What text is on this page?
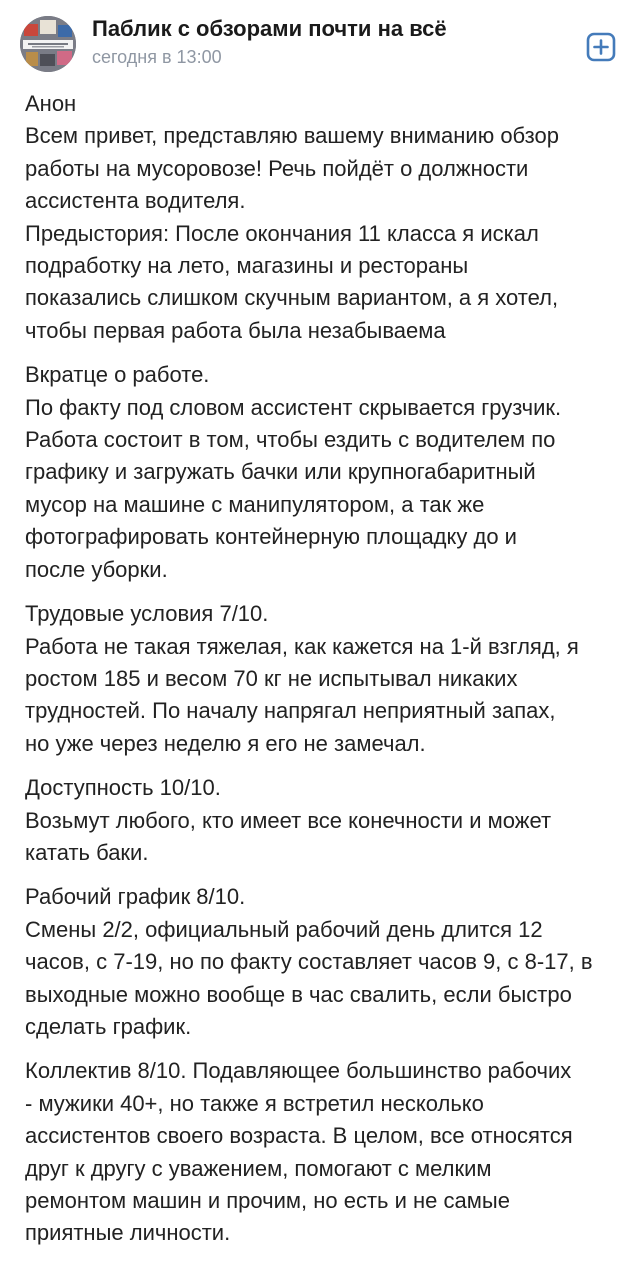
Паблик с обзорами почти на всё
сегодня в 13:00
Анон
Всем привет, представляю вашему вниманию обзор
работы на мусоровозе! Речь пойдёт о должности
ассистента водителя.
Предыстория: После окончания 11 класса я искал
подработку на лето, магазины и рестораны
показались слишком скучным вариантом, а я хотел,
чтобы первая работа была незабываема
Вкратце о работе.
По факту под словом ассистент скрывается грузчик.
Работа состоит в том, чтобы ездить с водителем по
графику и загружать бачки или крупногабаритный
мусор на машине с манипулятором, а так же
фотографировать контейнерную площадку до и
после уборки.
Трудовые условия 7/10.
Работа не такая тяжелая, как кажется на 1-й взгляд, я
ростом 185 и весом 70 кг не испытывал никаких
трудностей. По началу напрягал неприятный запах,
но уже через неделю я его не замечал.
Доступность 10/10.
Возьмут любого, кто имеет все конечности и может
катать баки.
Рабочий график 8/10.
Смены 2/2, официальный рабочий день длится 12
часов, с 7-19, но по факту составляет часов 9, с 8-17, в
выходные можно вообще в час свалить, если быстро
сделать график.
Коллектив 8/10. Подавляющее большинство рабочих
- мужики 40+, но также я встретил несколько
ассистентов своего возраста. В целом, все относятся
друг к другу с уважением, помогают с мелким
ремонтом машин и прочим, но есть и не самые
приятные личности.
